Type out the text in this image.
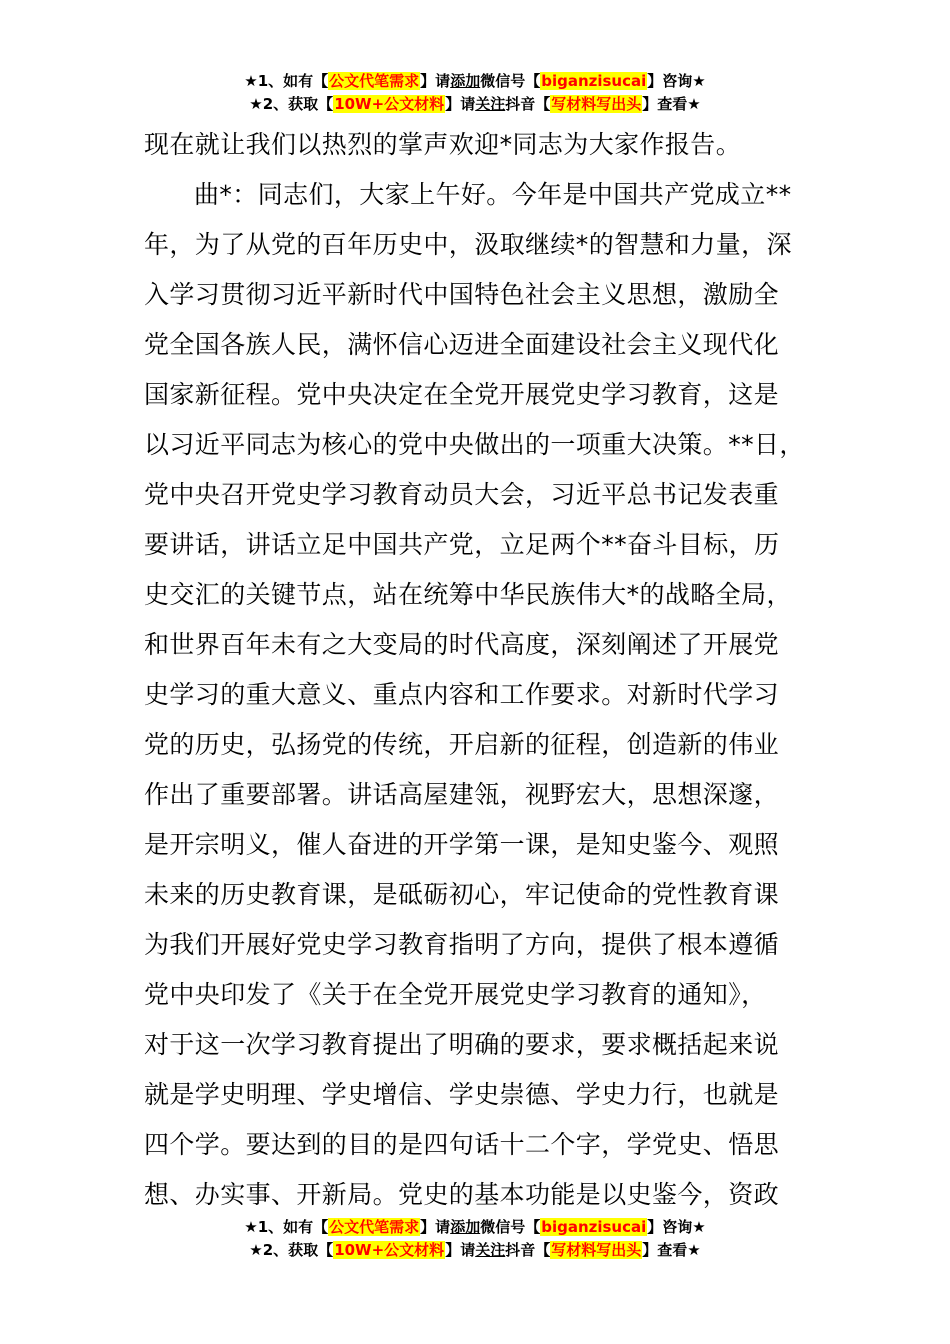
★1、如有【公文代笔需求】请添加微信号【biganzisucai】咨询★
★2、获取【10W+公文材料】请关注抖音【写材料写出头】查看★
现在就让我们以热烈的掌声欢迎*同志为大家作报告。
曲*：同志们，大家上午好。今年是中国共产党成立**
年，为了从党的百年历史中，汲取继续*的智慧和力量，深
入学习贯彻习近平新时代中国特色社会主义思想，激励全
党全国各族人民，满怀信心迈进全面建设社会主义现代化
国家新征程。党中央决定在全党开展党史学习教育，这是
以习近平同志为核心的党中央做出的一项重大决策。**日，
党中央召开党史学习教育动员大会，习近平总书记发表重
要讲话，讲话立足中国共产党，立足两个**奋斗目标，历
史交汇的关键节点，站在统筹中华民族伟大*的战略全局，
和世界百年未有之大变局的时代高度，深刻阐述了开展党
史学习的重大意义、重点内容和工作要求。对新时代学习
党的历史，弘扬党的传统，开启新的征程，创造新的伟业
作出了重要部署。讲话高屋建瓴，视野宏大，思想深邃，
是开宗明义，催人奋进的开学第一课，是知史鉴今、观照
未来的历史教育课，是砥砺初心，牢记使命的党性教育课
为我们开展好党史学习教育指明了方向，提供了根本遵循
党中央印发了《关于在全党开展党史学习教育的通知》，
对于这一次学习教育提出了明确的要求，要求概括起来说
就是学史明理、学史增信、学史崇德、学史力行，也就是
四个学。要达到的目的是四句话十二个字，学党史、悟思
想、办实事、开新局。党史的基本功能是以史鉴今，资政
★1、如有【公文代笔需求】请添加微信号【biganzisucai】咨询★
★2、获取【10W+公文材料】请关注抖音【写材料写出头】查看★
